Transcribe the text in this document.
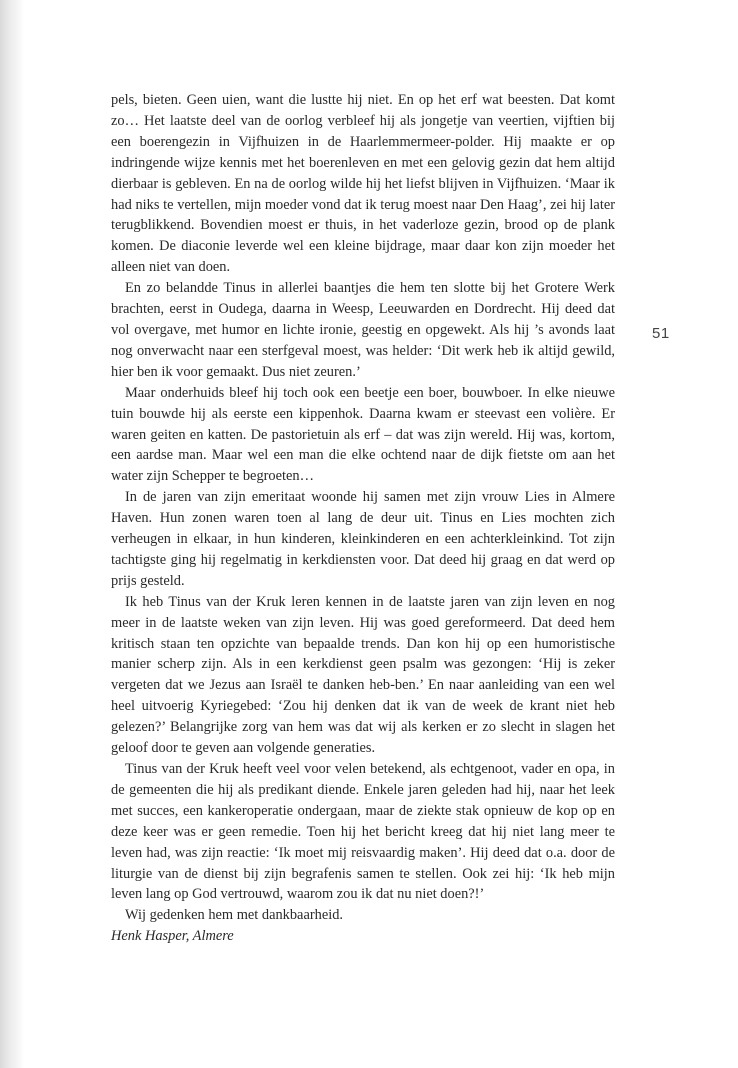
51

pels, bieten. Geen uien, want die lustte hij niet. En op het erf wat beesten. Dat komt zo… Het laatste deel van de oorlog verbleef hij als jongetje van veertien, vijftien bij een boerengezin in Vijfhuizen in de Haarlemmermeer-polder. Hij maakte er op indringende wijze kennis met het boerenleven en met een gelovig gezin dat hem altijd dierbaar is gebleven. En na de oorlog wilde hij het liefst blijven in Vijfhuizen. ‘Maar ik had niks te vertellen, mijn moeder vond dat ik terug moest naar Den Haag’, zei hij later terugblikkend. Bovendien moest er thuis, in het vaderloze gezin, brood op de plank komen. De diaconie leverde wel een kleine bijdrage, maar daar kon zijn moeder het alleen niet van doen.

En zo belandde Tinus in allerlei baantjes die hem ten slotte bij het Grotere Werk brachten, eerst in Oudega, daarna in Weesp, Leeuwarden en Dordrecht. Hij deed dat vol overgave, met humor en lichte ironie, geestig en opgewekt. Als hij ’s avonds laat nog onverwacht naar een sterfgeval moest, was helder: ‘Dit werk heb ik altijd gewild, hier ben ik voor gemaakt. Dus niet zeuren.’

Maar onderhuids bleef hij toch ook een beetje een boer, bouwboer. In elke nieuwe tuin bouwde hij als eerste een kippenhok. Daarna kwam er steevast een volière. Er waren geiten en katten. De pastorietuin als erf – dat was zijn wereld. Hij was, kortom, een aardse man. Maar wel een man die elke ochtend naar de dijk fietste om aan het water zijn Schepper te begroeten…

In de jaren van zijn emeritaat woonde hij samen met zijn vrouw Lies in Almere Haven. Hun zonen waren toen al lang de deur uit. Tinus en Lies mochten zich verheugen in elkaar, in hun kinderen, kleinkinderen en een achterkleinkind. Tot zijn tachtigste ging hij regelmatig in kerkdiensten voor. Dat deed hij graag en dat werd op prijs gesteld.

Ik heb Tinus van der Kruk leren kennen in de laatste jaren van zijn leven en nog meer in de laatste weken van zijn leven. Hij was goed gereformeerd. Dat deed hem kritisch staan ten opzichte van bepaalde trends. Dan kon hij op een humoristische manier scherp zijn. Als in een kerkdienst geen psalm was gezongen: ‘Hij is zeker vergeten dat we Jezus aan Israël te danken heb-ben.’ En naar aanleiding van een wel heel uitvoerig Kyriegebed: ‘Zou hij denken dat ik van de week de krant niet heb gelezen?’ Belangrijke zorg van hem was dat wij als kerken er zo slecht in slagen het geloof door te geven aan volgende generaties.

Tinus van der Kruk heeft veel voor velen betekend, als echtgenoot, vader en opa, in de gemeenten die hij als predikant diende. Enkele jaren geleden had hij, naar het leek met succes, een kankeroperatie ondergaan, maar de ziekte stak opnieuw de kop op en deze keer was er geen remedie. Toen hij het bericht kreeg dat hij niet lang meer te leven had, was zijn reactie: ‘Ik moet mij reisvaardig maken’. Hij deed dat o.a. door de liturgie van de dienst bij zijn begrafenis samen te stellen. Ook zei hij: ‘Ik heb mijn leven lang op God vertrouwd, waarom zou ik dat nu niet doen?!’

Wij gedenken hem met dankbaarheid.

Henk Hasper, Almere
